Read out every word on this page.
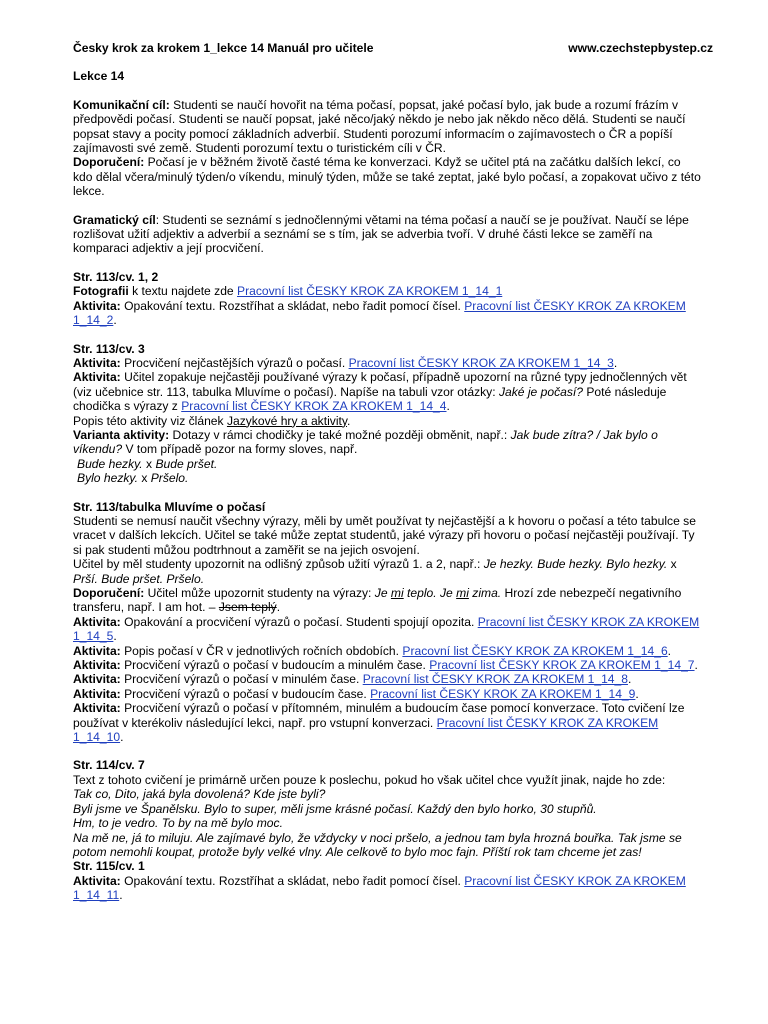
Česky krok za krokem 1_lekce 14 Manuál pro učitele	www.czechstepbystep.cz

Lekce 14

Komunikační cíl: Studenti se naučí hovořit na téma počasí, popsat, jaké počasí bylo, jak bude a rozumí frázím v předpovědi počasí. Studenti se naučí popsat, jaké něco/jaký někdo je nebo jak někdo něco dělá. Studenti se naučí popsat stavy a pocity pomocí základních adverbií. Studenti porozumí informacím o zajímavostech o ČR a popíší zajímavosti své země. Studenti porozumí textu o turistickém cíli v ČR.

Doporučení: Počasí je v běžném životě časté téma ke konverzaci. Když se učitel ptá na začátku dalších lekcí, co kdo dělal včera/minulý týden/o víkendu, minulý týden, může se také zeptat, jaké bylo počasí, a zopakovat učivo z této lekce.

Gramatický cíl: Studenti se seznámí s jednočlennými větami na téma počasí a naučí se je používat. Naučí se lépe rozlišovat užití adjektiv a adverbií a seznámí se s tím, jak se adverbia tvoří. V druhé části lekce se zaměří na komparaci adjektiv a její procvičení.

Str. 113/cv. 1, 2

Fotografii k textu najdete zde Pracovní list ČESKY KROK ZA KROKEM 1_14_1

Aktivita: Opakování textu. Rozstříhat a skládat, nebo řadit pomocí čísel. Pracovní list ČESKY KROK ZA KROKEM 1_14_2.

Str. 113/cv. 3

Aktivita: Procvičení nejčastějších výrazů o počasí. Pracovní list ČESKY KROK ZA KROKEM 1_14_3.

Aktivita: Učitel zopakuje nejčastěji používané výrazy k počasí, případně upozorní na různé typy jednočlenných vět (viz učebnice str. 113, tabulka Mluvíme o počasí). Napíše na tabuli vzor otázky: Jaké je počasí? Poté následuje chodička s výrazy z Pracovní list ČESKY KROK ZA KROKEM 1_14_4.

Popis této aktivity viz článek Jazykové hry a aktivity.

Varianta aktivity: Dotazy v rámci chodičky je také možné později obměnit, např.: Jak bude zítra? / Jak bylo o víkendu? V tom případě pozor na formy sloves, např.

Bude hezky. x Bude pršet.

Bylo hezky. x Pršelo.

Str. 113/tabulka Mluvíme o počasí

Studenti se nemusí naučit všechny výrazy, měli by umět používat ty nejčastější a k hovoru o počasí a této tabulce se vracet v dalších lekcích. Učitel se také může zeptat studentů, jaké výrazy při hovoru o počasí nejčastěji používají. Ty si pak studenti můžou podtrhnout a zaměřit se na jejich osvojení.

Učitel by měl studenty upozornit na odlišný způsob užití výrazů 1. a 2, např.: Je hezky. Bude hezky. Bylo hezky. x Prší. Bude pršet. Pršelo.

Doporučení: Učitel může upozornit studenty na výrazy: Je mi teplo. Je mi zima. Hrozí zde nebezpečí negativního transferu, např. I am hot. – Jsem teplý.

Aktivita: Opakování a procvičení výrazů o počasí. Studenti spojují opozita. Pracovní list ČESKY KROK ZA KROKEM 1_14_5.

Aktivita: Popis počasí v ČR v jednotlivých ročních obdobích. Pracovní list ČESKY KROK ZA KROKEM 1_14_6.

Aktivita: Procvičení výrazů o počasí v budoucím a minulém čase. Pracovní list ČESKY KROK ZA KROKEM 1_14_7.

Aktivita: Procvičení výrazů o počasí v minulém čase. Pracovní list ČESKY KROK ZA KROKEM 1_14_8.

Aktivita: Procvičení výrazů o počasí v budoucím čase. Pracovní list ČESKY KROK ZA KROKEM 1_14_9.

Aktivita: Procvičení výrazů o počasí v přítomném, minulém a budoucím čase pomocí konverzace. Toto cvičení lze používat v kterékoliv následující lekci, např. pro vstupní konverzaci. Pracovní list ČESKY KROK ZA KROKEM 1_14_10.

Str. 114/cv. 7

Text z tohoto cvičení je primárně určen pouze k poslechu, pokud ho však učitel chce využít jinak, najde ho zde:

Tak co, Dito, jaká byla dovolená? Kde jste byli?

Byli jsme ve Španělsku. Bylo to super, měli jsme krásné počasí. Každý den bylo horko, 30 stupňů.

Hm, to je vedro. To by na mě bylo moc.

Na mě ne, já to miluju. Ale zajímavé bylo, že vždycky v noci pršelo, a jednou tam byla hrozná bouřka. Tak jsme se potom nemohli koupat, protože byly velké vlny. Ale celkově to bylo moc fajn. Příští rok tam chceme jet zas!

Str. 115/cv. 1

Aktivita: Opakování textu. Rozstříhat a skládat, nebo řadit pomocí čísel. Pracovní list ČESKY KROK ZA KROKEM 1_14_11.
